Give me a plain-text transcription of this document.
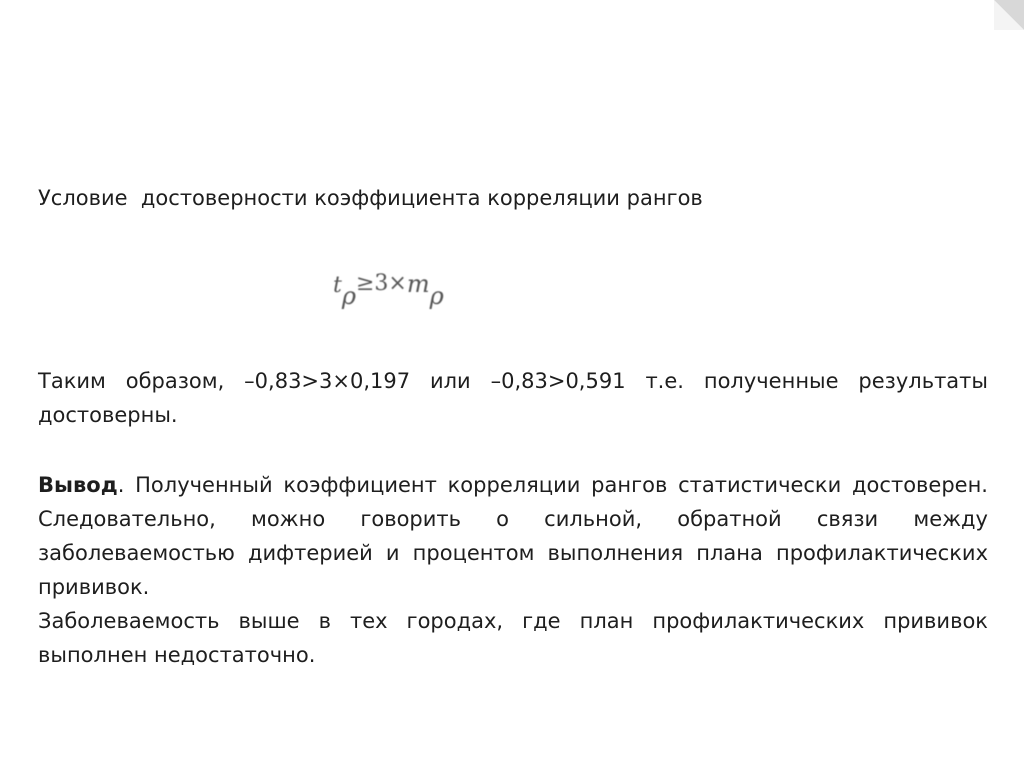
Условие  достоверности коэффициента корреляции рангов
tρ≥3×mρ
Таким образом, –0,83>3×0,197 или –0,83>0,591 т.е. полученные результаты достоверны.
Вывод. Полученный коэффициент корреляции рангов статистически достоверен. Следовательно, можно говорить о сильной, обратной связи между заболеваемостью дифтерией и процентом выполнения плана профилактических прививок.
Заболеваемость выше в тех городах, где план профилактических прививок выполнен недостаточно.
